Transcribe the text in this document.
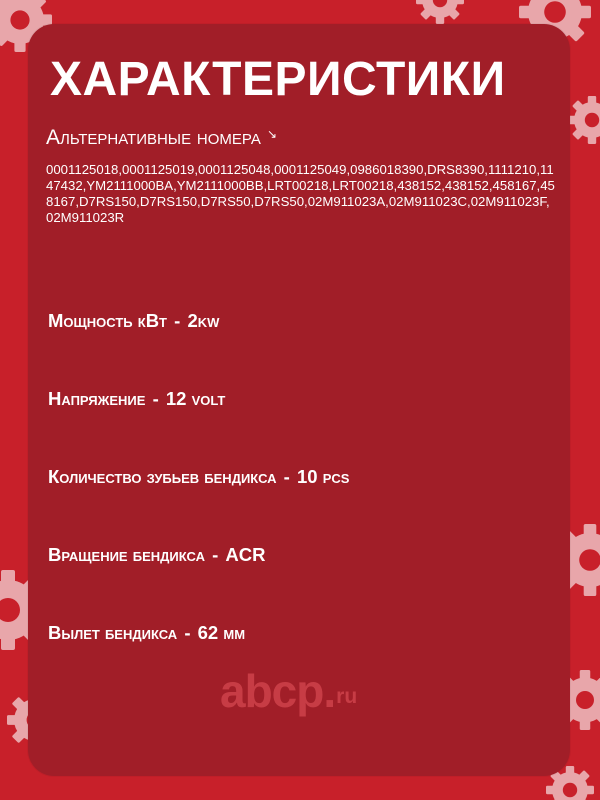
ХАРАКТЕРИСТИКИ
Альтернативные номера ↘

0001125018,0001125019,0001125048,0001125049,0986018390,DRS8390,1111210,1147432,YM2111000BA,YM2111000BB,LRT00218,LRT00218,438152,438152,458167,458167,D7RS150,D7RS150,D7RS50,D7RS50,02M911023A,02M911023C,02M911023F,02M911023R

Мощность кВт - 2kw
Напряжение - 12 volt
Количество зубьев бендикса - 10 pcs
Вращение бендикса - ACR
Вылет бендикса - 62 мм
abcp . ru
